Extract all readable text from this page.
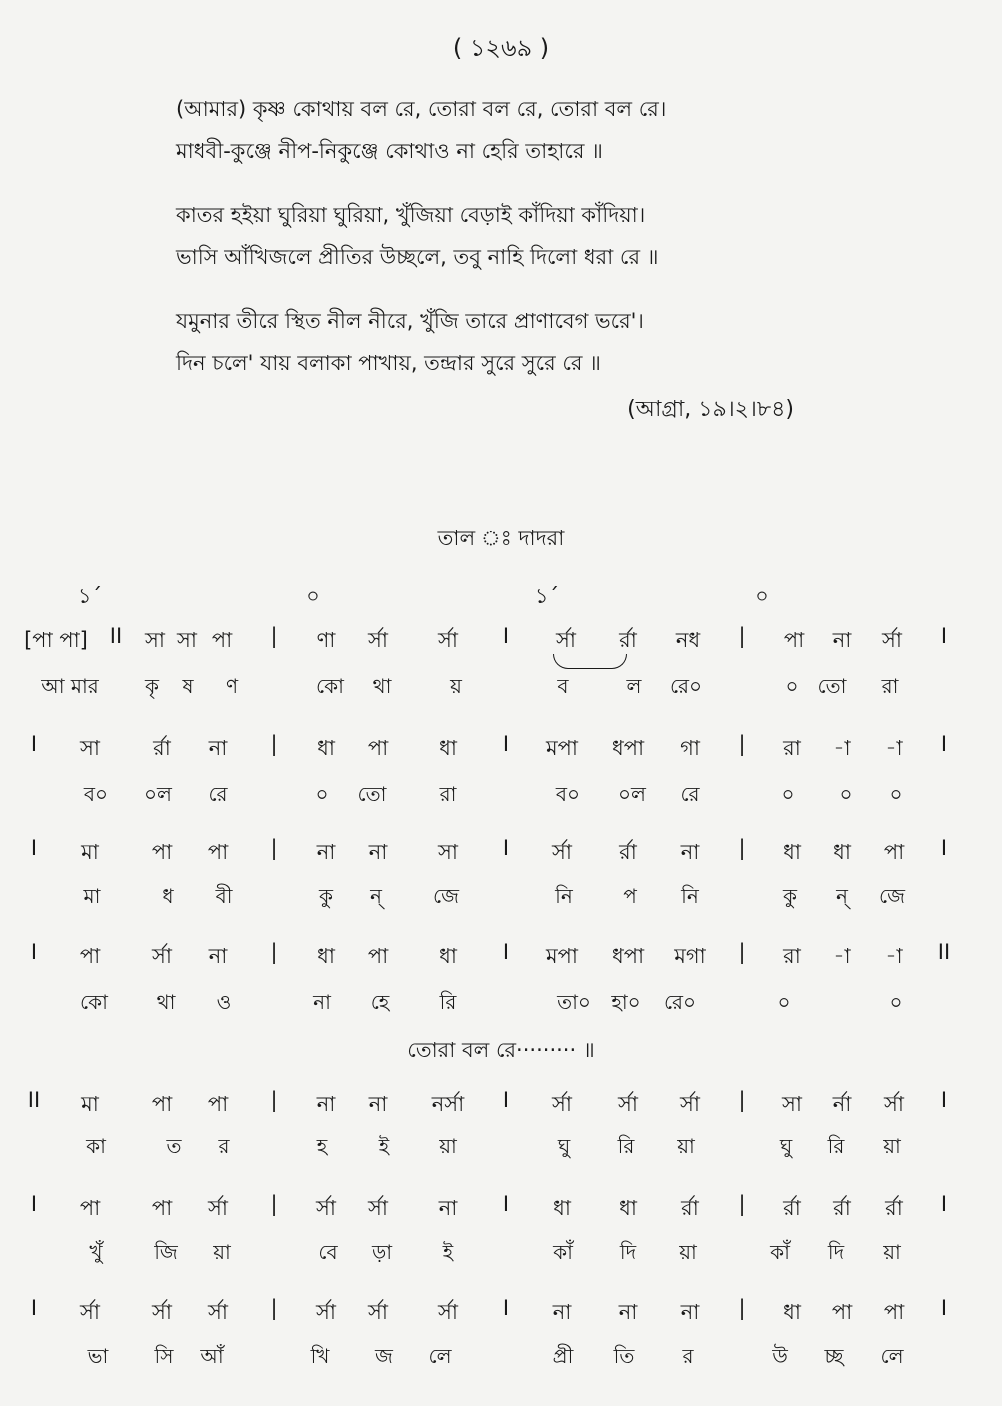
( ১২৬৯ )
(আমার) কৃষ্ণ কোথায় বল রে, তোরা বল রে, তোরা বল রে।
মাধবী-কুঞ্জে নীপ-নিকুঞ্জে কোথাও না হেরি তাহারে ॥
কাতর হইয়া ঘুরিয়া ঘুরিয়া, খুঁজিয়া বেড়াই কাঁদিয়া কাঁদিয়া।
ভাসি আঁখিজলে প্রীতির উচ্ছলে, তবু নাহি দিলো ধরা রে ॥
যমুনার তীরে স্থিত নীল নীরে, খুঁজি তারে প্রাণাবেগ ভরে'।
দিন চলে' যায় বলাকা পাখায়, তন্দ্রার সুরে সুরে রে ॥
(আগ্রা, ১৯।২।৮৪)
তাল ঃ দাদরা
১´	০	১´	০
[পা পা] II সা সা পা | ণা র্সা র্সা I র্সা র্রা নধ | পা না র্সা I
আ মার কৃ ষ ণ	কো থা	য়	ব	ল রে০	০ তো রা
I সা	র্রা না | ধা পা ধা I মপা ধপা গা | রা -া -া I
ব০ ০ল রে	০ তো	রা	ব০ ০ল রে	০ ০ ০
I মা	পা পা | না না সা I র্সা র্রা না | ধা ধা পা I
মা	ধ বী	কু ন্	জে	নি	প নি	কু ন্ জে
I পা র্সা না | ধা পা ধা I মপা ধপা মগা | রা -া -া II
কো থা ও	না হে	রি	তা০ হা০ রে০	০	০
II মা	পা পা | না না নর্সা I র্সা র্সা র্সা | সা র্না র্সা I
কা	ত র	হ	ই	য়া	ঘু রি য়া	ঘু রি য়া
I পা পা র্সা | র্সা র্সা না I ধা ধা র্রা | র্রা র্রা র্রা I
খুঁ	জি য়া	বে ড়া	ই	কাঁ দি য়া	কাঁ দি য়া
I র্সা র্সা র্সা | র্সা র্সা র্সা I না না না | ধা পা পা I
ভা সি আঁ	খি জ লে	প্রী তি র	উ চ্ছ লে
তোরা বল রে········· ॥
